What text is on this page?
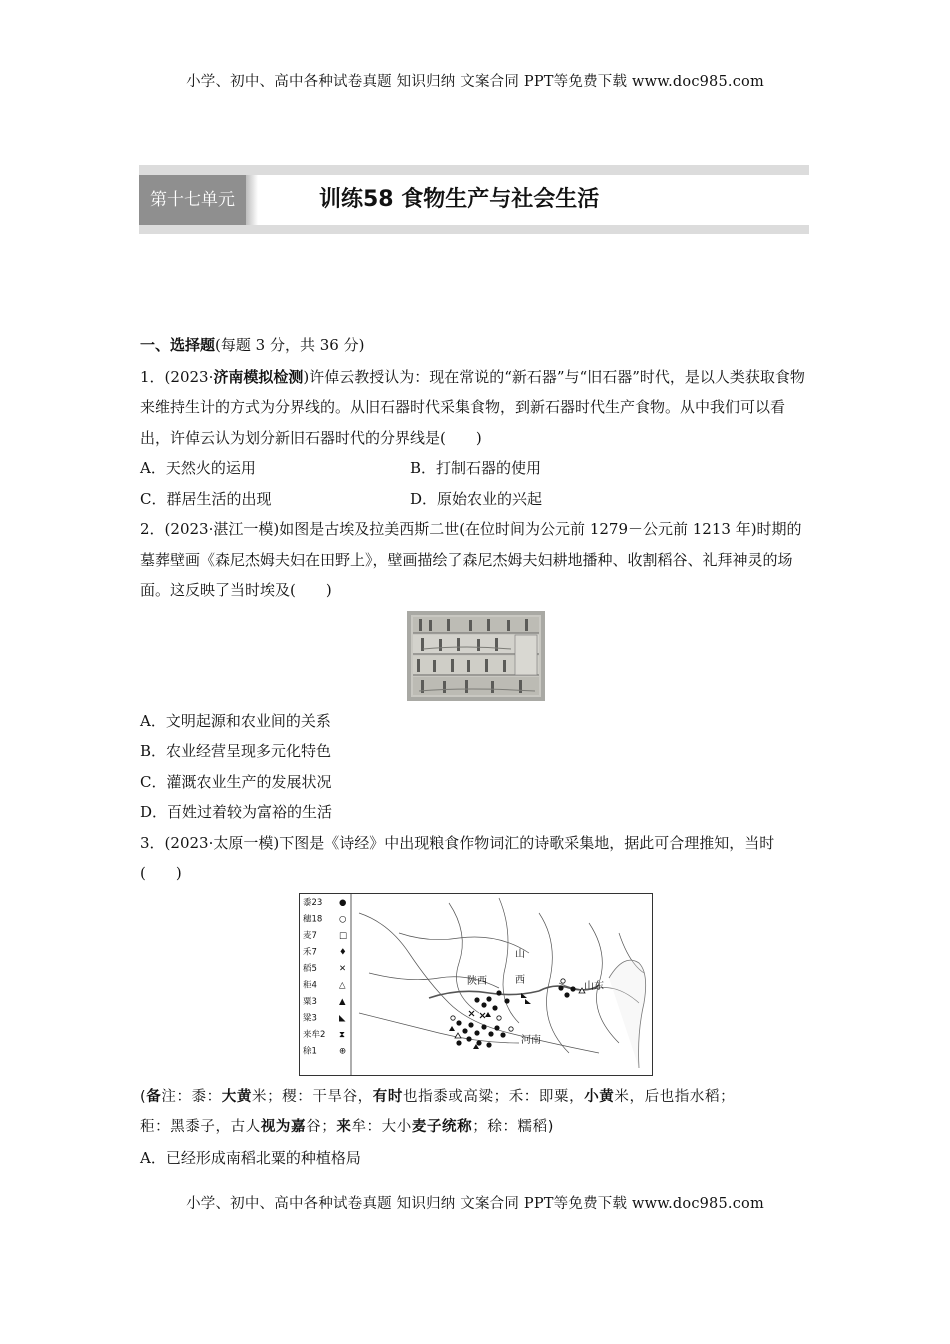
小学、初中、高中各种试卷真题 知识归纳 文案合同 PPT等免费下载 www.doc985.com
第十七单元	训练58 食物生产与社会生活

一、选择题(每题 3 分，共 36 分)

1．(2023·济南模拟检测)许倬云教授认为：现在常说的“新石器”与“旧石器”时代，是以人类获取食物来维持生计的方式为分界线的。从旧石器时代采集食物，到新石器时代生产食物。从中我们可以看出，许倬云认为划分新旧石器时代的分界线是(　　)

A．天然火的运用	B．打制石器的使用
C．群居生活的出现	D．原始农业的兴起

2．(2023·湛江一模)如图是古埃及拉美西斯二世(在位时间为公元前 1279－公元前 1213 年)时期的墓葬壁画《森尼杰姆夫妇在田野上》，壁画描绘了森尼杰姆夫妇耕地播种、收割稻谷、礼拜神灵的场面。这反映了当时埃及(　　)

A．文明起源和农业间的关系

B．农业经营呈现多元化特色

C．灌溉农业生产的发展状况

D．百姓过着较为富裕的生活

3．(2023·太原一模)下图是《诗经》中出现粮食作物词汇的诗歌采集地，据此可合理推知，当时(　　)

黍23 ●
穗18 ○
麦7	□
禾7	♦
稻5	✕
秬4	△
粟3	▲
粱3	◣
来牟2 ⧗
稌1	⊕
山
西
陕西	山东
河南

(备注：黍：大黄米；稷：干旱谷，有时也指黍或高粱；禾：即粟，小黄米，后也指水稻；

秬：黑黍子，古人视为嘉谷；来牟：大小麦子统称；稌：糯稻)

A．已经形成南稻北粟的种植格局

小学、初中、高中各种试卷真题 知识归纳 文案合同 PPT等免费下载 www.doc985.com
